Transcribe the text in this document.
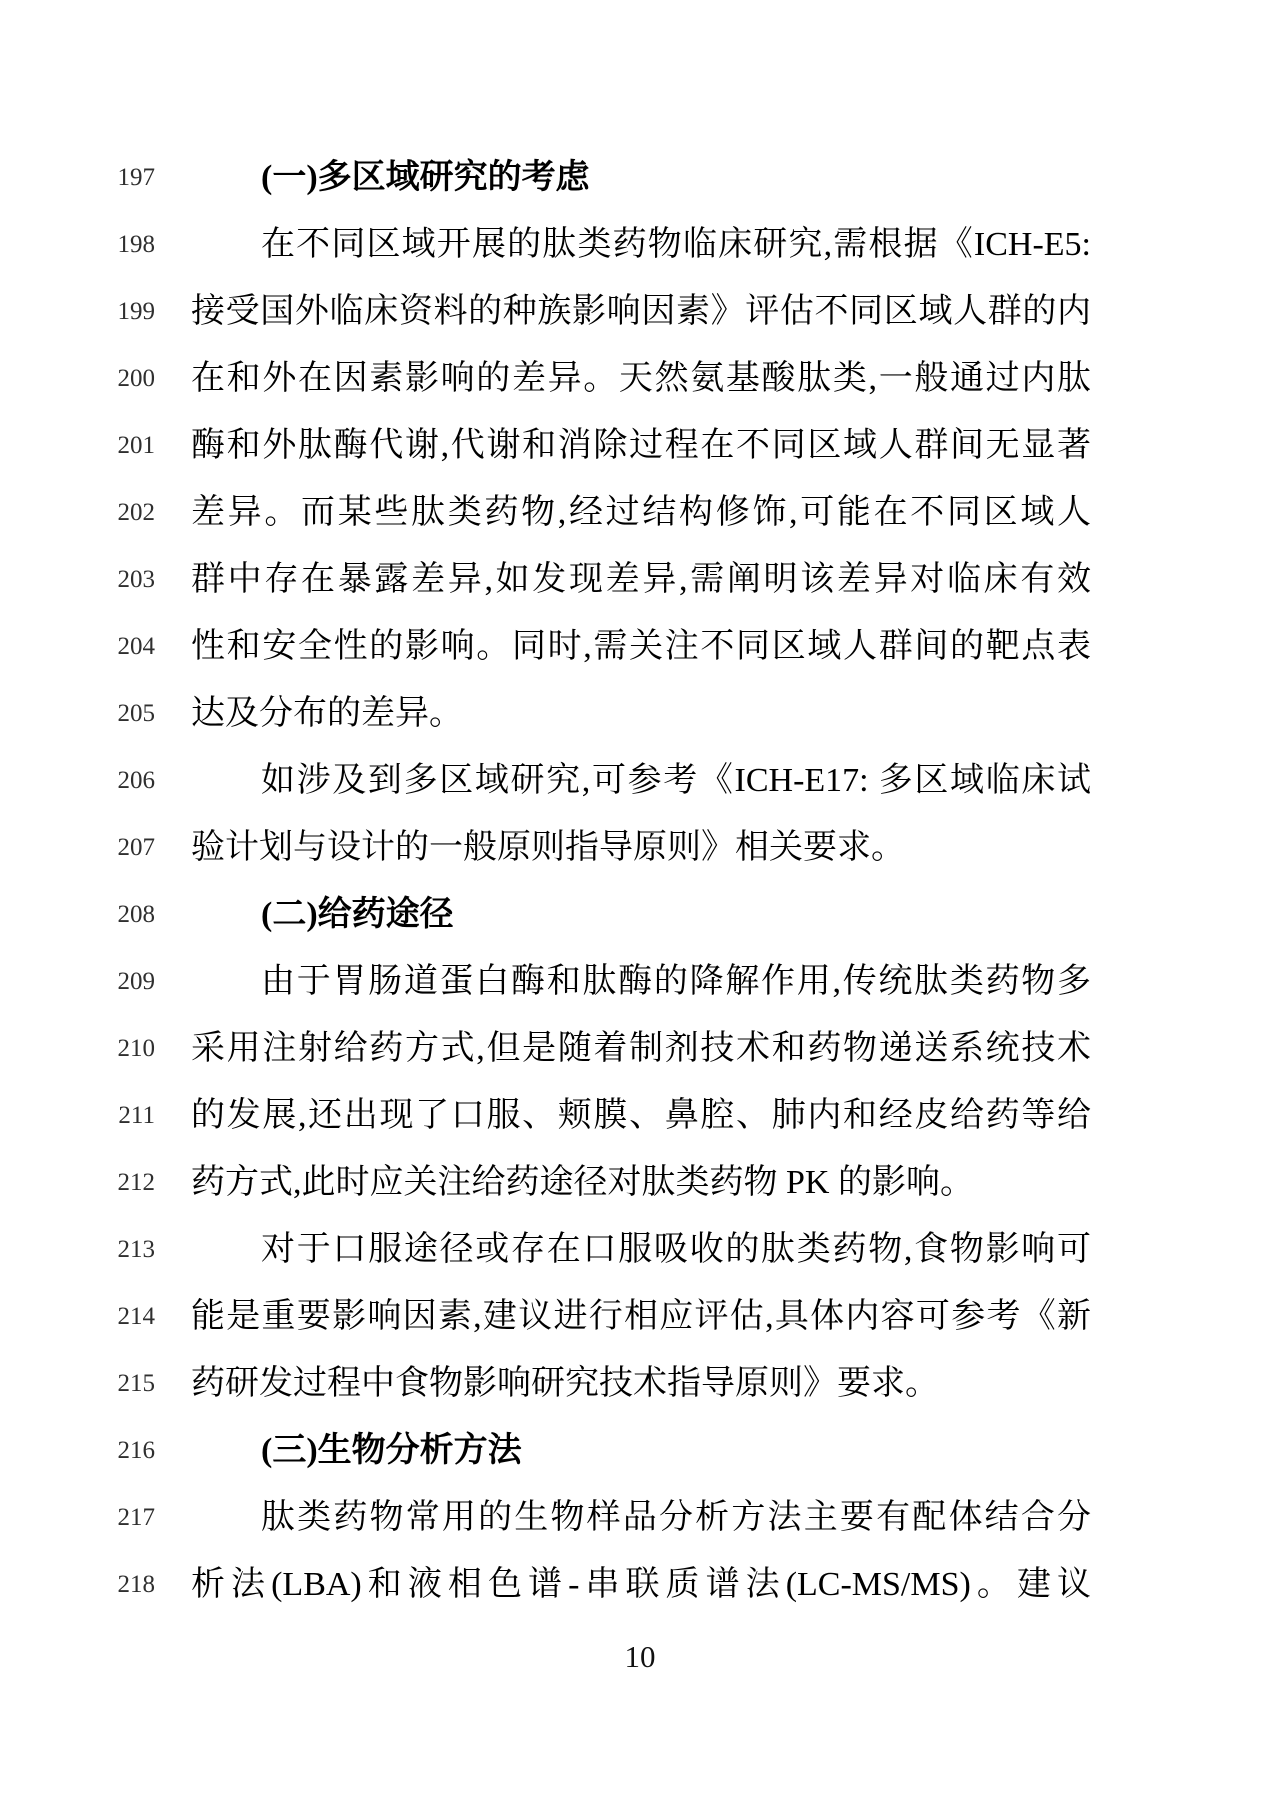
197	(一)多区域研究的考虑
198	在不同区域开展的肽类药物临床研究,需根据《ICH-E5:
199 接受国外临床资料的种族影响因素》评估不同区域人群的内
200 在和外在因素影响的差异。天然氨基酸肽类,一般通过内肽
201 酶和外肽酶代谢,代谢和消除过程在不同区域人群间无显著
202 差异。而某些肽类药物,经过结构修饰,可能在不同区域人
203 群中存在暴露差异,如发现差异,需阐明该差异对临床有效
204 性和安全性的影响。同时,需关注不同区域人群间的靶点表
205 达及分布的差异。
206	如涉及到多区域研究,可参考《ICH-E17: 多区域临床试
207 验计划与设计的一般原则指导原则》相关要求。
208	(二)给药途径
209	由于胃肠道蛋白酶和肽酶的降解作用,传统肽类药物多
210 采用注射给药方式,但是随着制剂技术和药物递送系统技术
211 的发展,还出现了口服、颊膜、鼻腔、肺内和经皮给药等给
212 药方式,此时应关注给药途径对肽类药物 PK 的影响。
213	对于口服途径或存在口服吸收的肽类药物,食物影响可
214 能是重要影响因素,建议进行相应评估,具体内容可参考《新
215 药研发过程中食物影响研究技术指导原则》要求。
216	(三)生物分析方法
217	肽类药物常用的生物样品分析方法主要有配体结合分
218 析法(LBA)和液相色谱-串联质谱法(LC-MS/MS)。建议
10
